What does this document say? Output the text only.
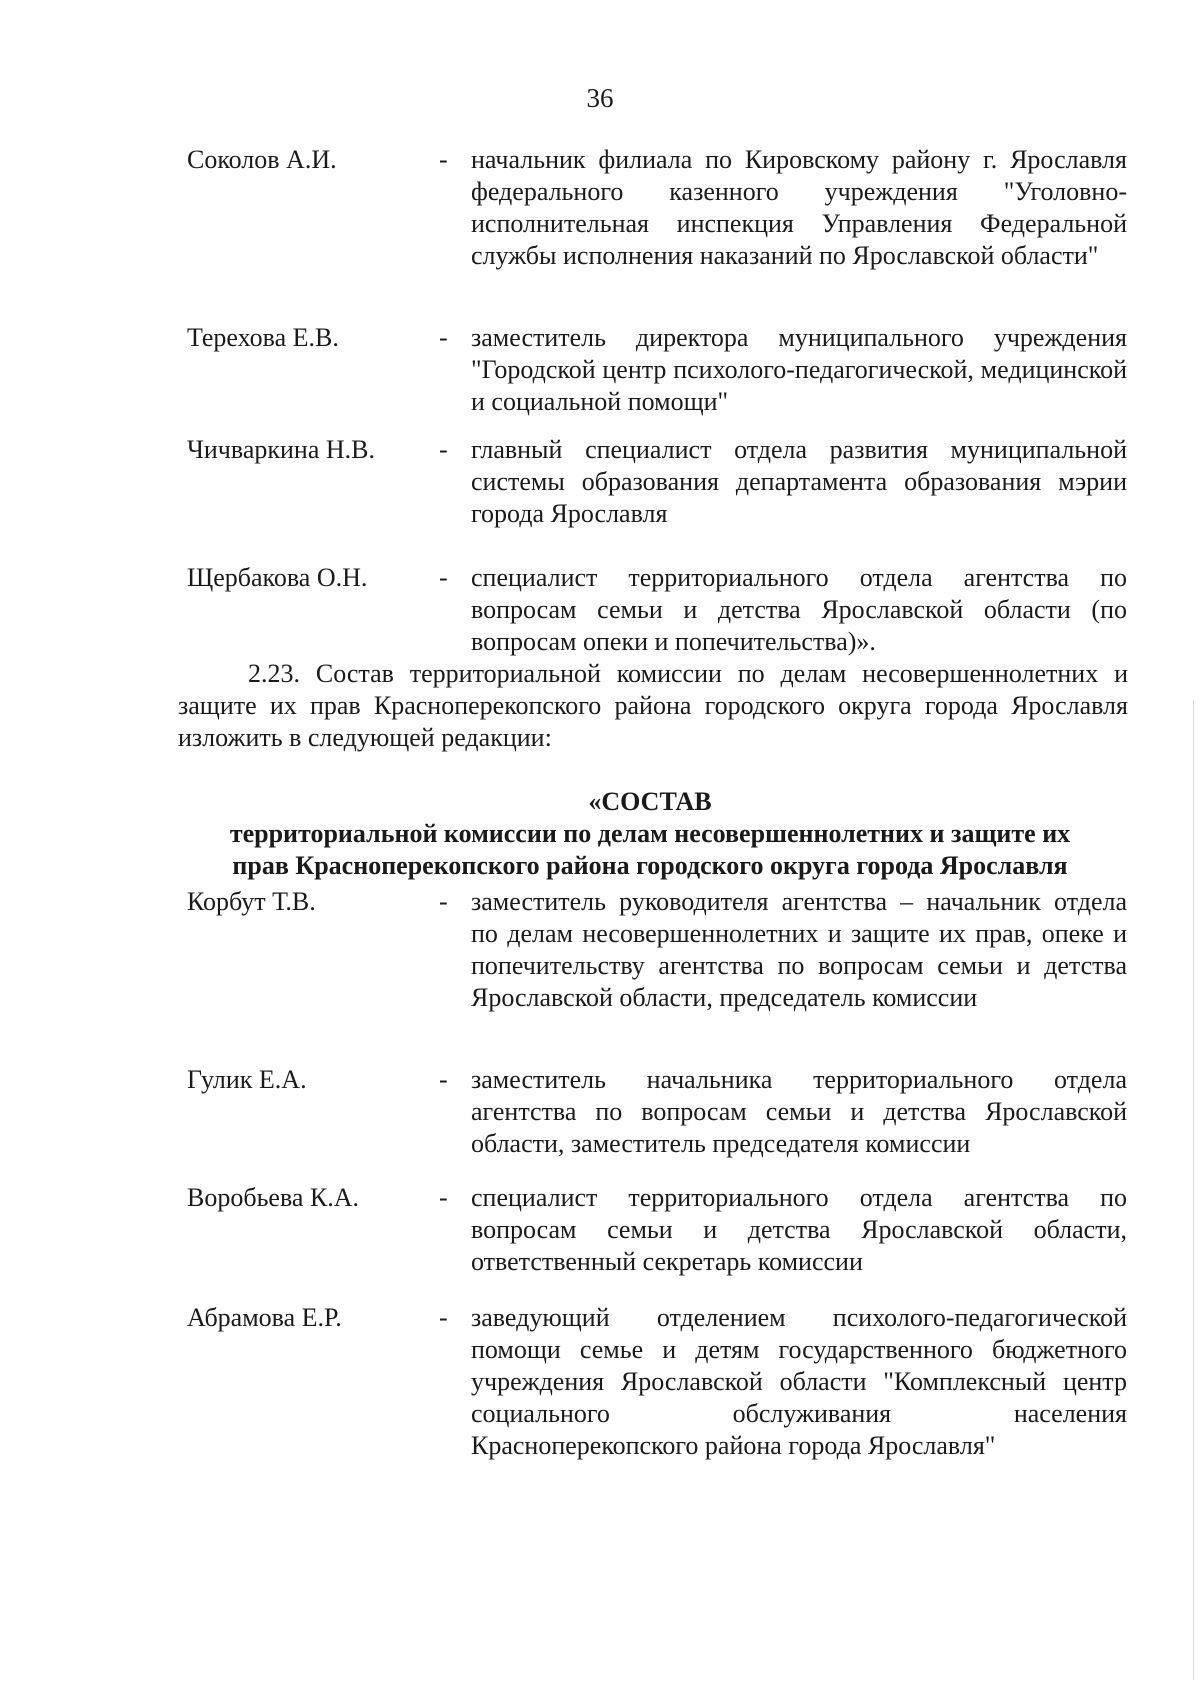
36
Соколов А.И.	- начальник филиала по Кировскому району г. Ярославля федерального казенного учреждения "Уголовно-исполнительная инспекция Управления Федеральной службы исполнения наказаний по Ярославской области"
Терехова Е.В.	- заместитель директора муниципального учреждения "Городской центр психолого-педагогической, медицинской и социальной помощи"
Чичваркина Н.В. - главный специалист отдела развития муниципальной системы образования департамента образования мэрии города Ярославля
Щербакова О.Н.	- специалист территориального отдела агентства по вопросам семьи и детства Ярославской области (по вопросам опеки и попечительства)».
2.23. Состав территориальной комиссии по делам несовершеннолетних и защите их прав Красноперекопского района городского округа города Ярославля изложить в следующей редакции:
«СОСТАВ
территориальной комиссии по делам несовершеннолетних и защите их
прав Красноперекопского района городского округа города Ярославля
Корбут Т.В.	- заместитель руководителя агентства – начальник отдела по делам несовершеннолетних и защите их прав, опеке и попечительству агентства по вопросам семьи и детства Ярославской области, председатель комиссии
Гулик Е.А.	- заместитель начальника территориального отдела агентства по вопросам семьи и детства Ярославской области, заместитель председателя комиссии
Воробьева К.А.	- специалист территориального отдела агентства по вопросам семьи и детства Ярославской области, ответственный секретарь комиссии
Абрамова Е.Р.	- заведующий отделением психолого-педагогической помощи семье и детям государственного бюджетного учреждения Ярославской области "Комплексный центр социального обслуживания населения Красноперекопского района города Ярославля"
